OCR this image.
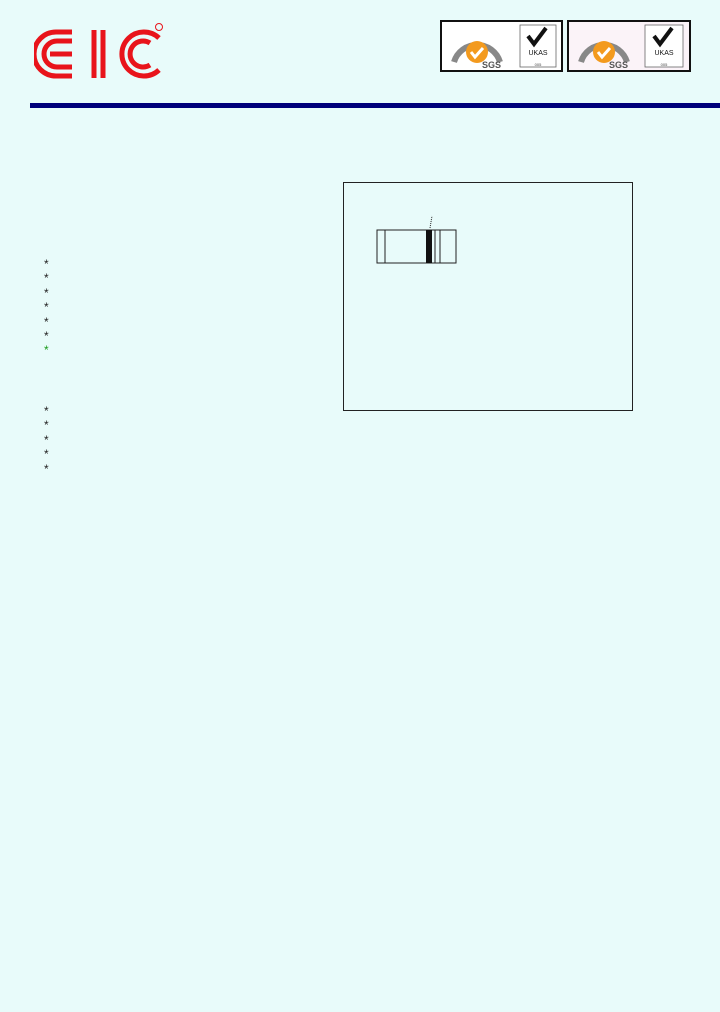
SGS
UKAS
005	SGS
UKAS
005
*
*
*
*
*
*
*
*
*
*
*
*
